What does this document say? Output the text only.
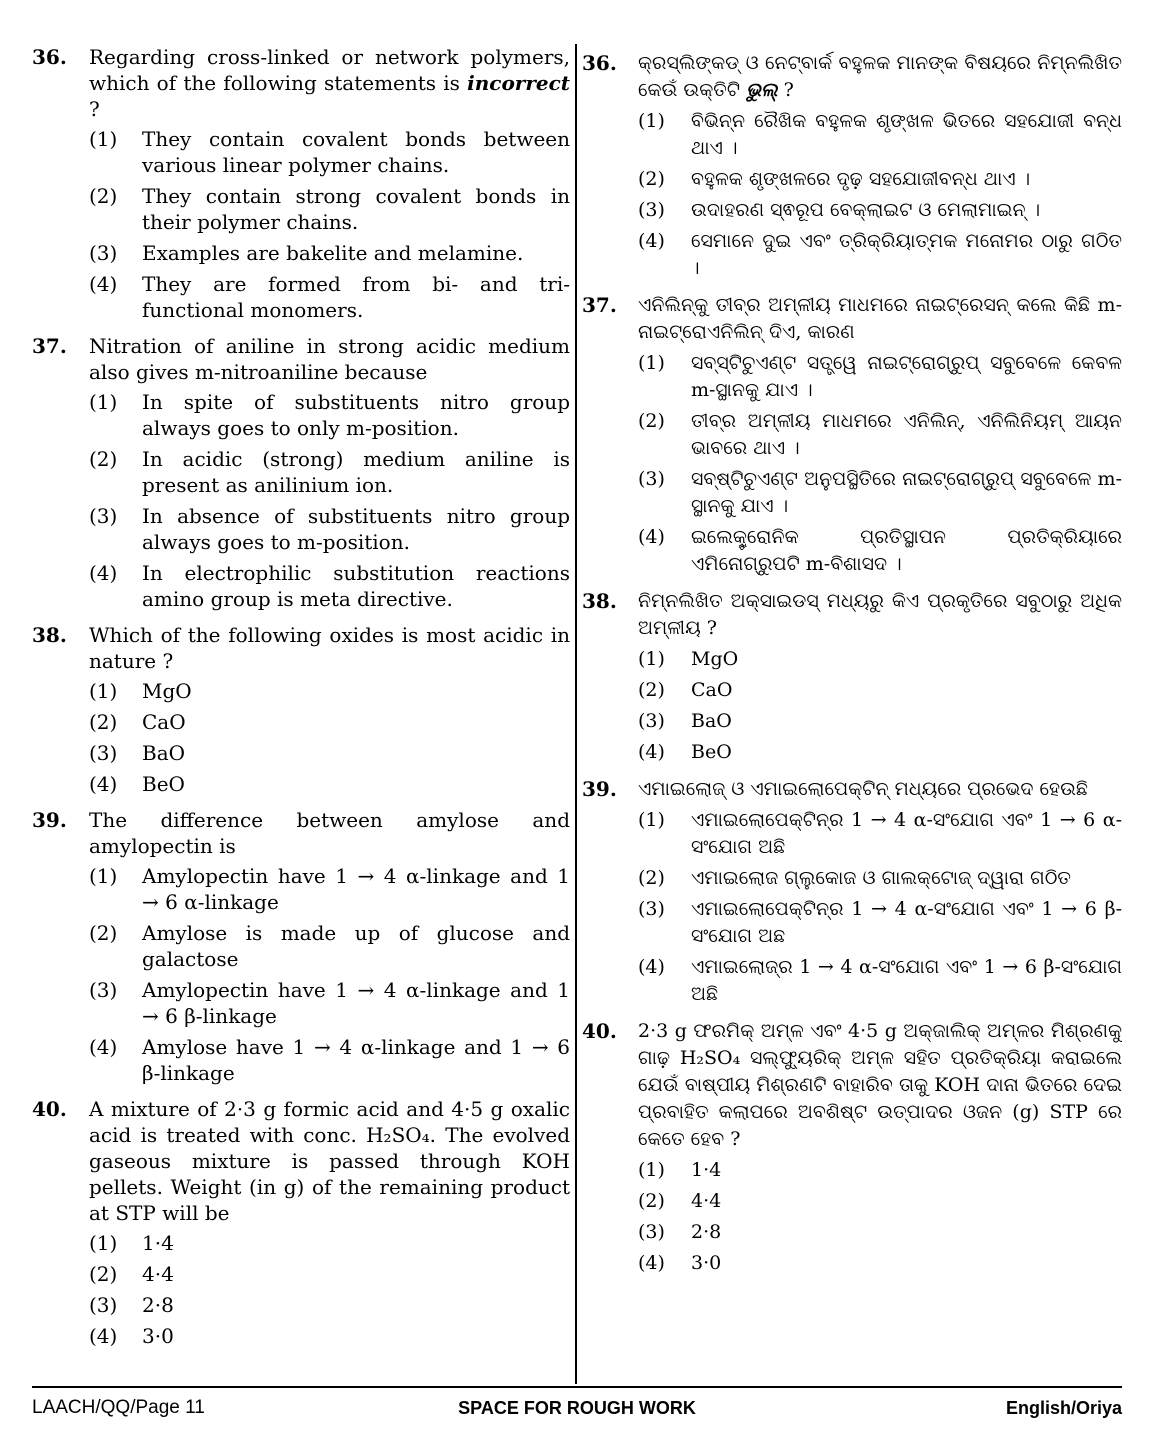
36.	Regarding cross-linked or network polymers, which of the following statements is incorrect ?
(1)	They contain covalent bonds between various linear polymer chains.
(2)	They contain strong covalent bonds in their polymer chains.
(3)	Examples are bakelite and melamine.
(4)	They are formed from bi- and tri-functional monomers.
37.	Nitration of aniline in strong acidic medium also gives m-nitroaniline because
(1)	In spite of substituents nitro group always goes to only m-position.
(2)	In acidic (strong) medium aniline is present as anilinium ion.
(3)	In absence of substituents nitro group always goes to m-position.
(4)	In electrophilic substitution reactions amino group is meta directive.
38.	Which of the following oxides is most acidic in nature ?
(1)	MgO
(2)	CaO
(3)	BaO
(4)	BeO
39.	The difference between amylose and amylopectin is
(1)	Amylopectin have 1 → 4 α-linkage and 1 → 6 α-linkage
(2)	Amylose is made up of glucose and galactose
(3)	Amylopectin have 1 → 4 α-linkage and 1 → 6 β-linkage
(4)	Amylose have 1 → 4 α-linkage and 1 → 6 β-linkage
40.	A mixture of 2·3 g formic acid and 4·5 g oxalic acid is treated with conc. H₂SO₄. The evolved gaseous mixture is passed through KOH pellets. Weight (in g) of the remaining product at STP will be
(1)	1·4
(2)	4·4
(3)	2·8
(4)	3·0
36.	କ୍ରସ୍‌ଲିଙ୍କଡ୍ ଓ ନେଟ୍‌ବାର୍କ ବହୁଳକ ମାନଙ୍କ ବିଷୟରେ ନିମ୍ନଲିଖିତ କେଉଁ ଉକ୍ତିଟି ଭୁଲ୍ ?
(1)	ବିଭିନ୍ନ ରୈଖିକ ବହୁଳକ ଶୃଙ୍ଖଳ ଭିତରେ ସହଯୋଜୀ ବନ୍ଧ ଥାଏ ।
(2)	ବହୁଳକ ଶୃଙ୍ଖଳରେ ଦୃଢ଼ ସହଯୋଜୀବନ୍ଧ ଥାଏ ।
(3)	ଉଦାହରଣ ସ୍ଵରୂପ ବେକ୍‌ଲାଇଟ ଓ ମେଲାମାଇନ୍ ।
(4)	ସେମାନେ ଦୁଇ ଏବଂ ତ୍ରିକ୍ରିୟାତ୍ମକ ମନୋମର ଠାରୁ ଗଠିତ ।
37.	ଏନିଲିନ୍‌କୁ ତୀବ୍ର ଅମ୍ଳୀୟ ମାଧମରେ ନାଇଟ୍ରେସନ୍ କଲେ କିଛି m-ନାଇଟ୍ରୋଏନିଲିନ୍ ଦିଏ, କାରଣ
(1)	ସବ୍‌ସ୍ଟିଚୁଏଣ୍ଟ ସତ୍ତ୍ୱେ ନାଇଟ୍ରୋଗ୍ରୁପ୍ ସବୁବେଳେ କେବଳ m-ସ୍ଥାନକୁ ଯାଏ ।
(2)	ତୀବ୍ର ଅମ୍ଳୀୟ ମାଧମରେ ଏନିଲିନ୍, ଏନିଲିନିୟମ୍ ଆୟନ ଭାବରେ ଥାଏ ।
(3)	ସବ୍‌ଷ୍ଟିଚୁଏଣ୍ଟ ଅନୁପସ୍ଥିତିରେ ନାଇଟ୍ରୋଗ୍ରୁପ୍ ସବୁବେଳେ m-ସ୍ଥାନକୁ ଯାଏ ।
(4)	ଇଲେକ୍ଟ୍ରୋନିକ ପ୍ରତିସ୍ଥାପନ ପ୍ରତିକ୍ରିୟାରେ ଏମିନୋଗ୍ରୁପଟି m-ବିଶାସଦ ।
38.	ନିମ୍ନଲିଖିତ ଅକ୍ସାଇଡସ୍ ମଧ୍ୟରୁ କିଏ ପ୍ରକୃତିରେ ସବୁଠାରୁ ଅଧିକ ଅମ୍ଳୀୟ ?
(1)	MgO
(2)	CaO
(3)	BaO
(4)	BeO
39.	ଏମାଇଲୋଜ୍ ଓ ଏମାଇଲୋପେକ୍‌ଟିନ୍ ମଧ୍ୟରେ ପ୍ରଭେଦ ହେଉଛି
(1)	ଏମାଇଲୋପେକ୍‌ଟିନ୍‌ର 1 → 4 α-ସଂଯୋଗ ଏବଂ 1 → 6 α-ସଂଯୋଗ ଅଛି
(2)	ଏମାଇଲୋଜ ଗ୍ଲୁକୋଜ ଓ ଗାଲକ୍‌ଟୋଜ୍ ଦ୍ୱାରା ଗଠିତ
(3)	ଏମାଇଲୋପେକ୍‌ଟିନ୍‌ର 1 → 4 α-ସଂଯୋଗ ଏବଂ 1 → 6 β-ସଂଯୋଗ ଅଛ
(4)	ଏମାଇଲୋଜ୍‌ର 1 → 4 α-ସଂଯୋଗ ଏବଂ 1 → 6 β-ସଂଯୋଗ ଅଛି
40.	2·3 g ଫରମିକ୍ ଅମ୍ଳ ଏବଂ 4·5 g ଅକ୍‌ଜାଲିକ୍ ଅମ୍ଳର ମିଶ୍ରଣକୁ ଗାଢ଼ H₂SO₄ ସଲ୍‌ଫ୍ୟୁରିକ୍ ଅମ୍ଳ ସହିତ ପ୍ରତିକ୍ରିୟା କରାଇଲେ ଯେଉଁ ବାଷ୍ପୀୟ ମିଶ୍ରଣଟି ବାହାରିବ ତାକୁ KOH ଦାନା ଭିତରେ ଦେଇ ପ୍ରବାହିତ କଲାପରେ ଅବଶିଷ୍ଟ ଉତ୍ପାଦର ଓଜନ (g) STP ରେ କେତେ ହେବ ?
(1)	1·4
(2)	4·4
(3)	2·8
(4)	3·0
LAACH/QQ/Page 11	SPACE FOR ROUGH WORK	English/Oriya
